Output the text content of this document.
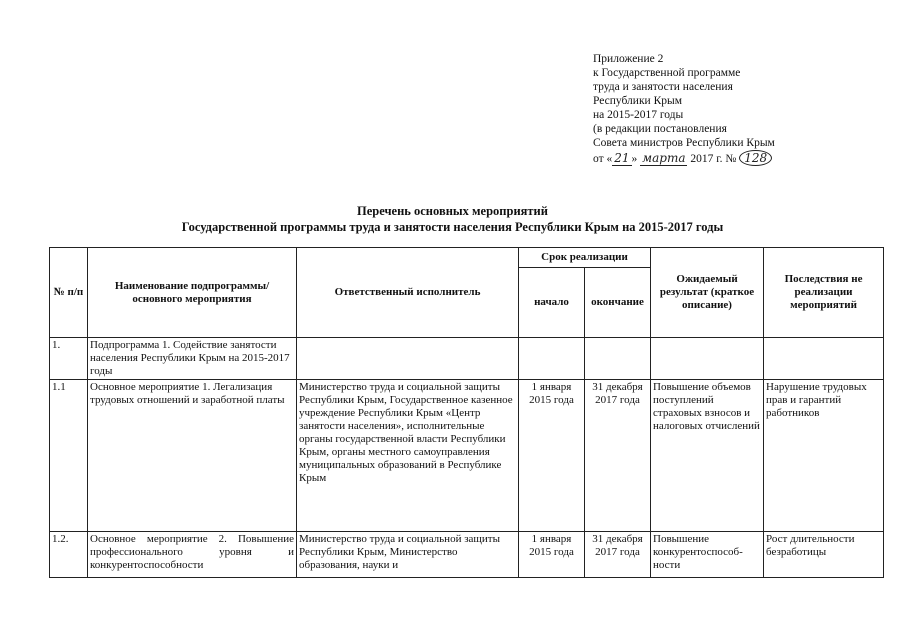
Приложение 2
к Государственной программе
труда и занятости населения
Республики Крым
на 2015-2017 годы
(в редакции постановления
Совета министров Республики Крым
от « 21 » марта 2017 г. № 128
Перечень основных мероприятий
Государственной программы труда и занятости населения Республики Крым на 2015-2017 годы
№ п/п	Наименование подпрограммы/ основного мероприятия	Ответственный исполнитель	Срок реализации		Ожидаемый результат (краткое описание)	Последствия не реализации мероприятий
			начало	окончание		
1.	Подпрограмма 1. Содействие занятости населения Республики Крым на 2015-2017 годы					
1.1	Основное мероприятие 1. Легализация трудовых отношений и заработной платы	Министерство труда и социальной защиты Республики Крым, Государственное казенное учреждение Республики Крым «Центр занятости населения», исполнительные органы государственной власти Республики Крым, органы местного самоуправления муниципальных образований в Республике Крым	1 января 2015 года	31 декабря 2017 года	Повышение объемов поступлений страховых взносов и налоговых отчислений	Нарушение трудовых прав и гарантий работников
1.2.	Основное мероприятие 2. Повышение профессионального уровня и конкурентоспособности	Министерство труда и социальной защиты Республики Крым, Министерство образования, науки и	1 января 2015 года	31 декабря 2017 года	Повышение конкурентоспособ-ности	Рост длительности безработицы
